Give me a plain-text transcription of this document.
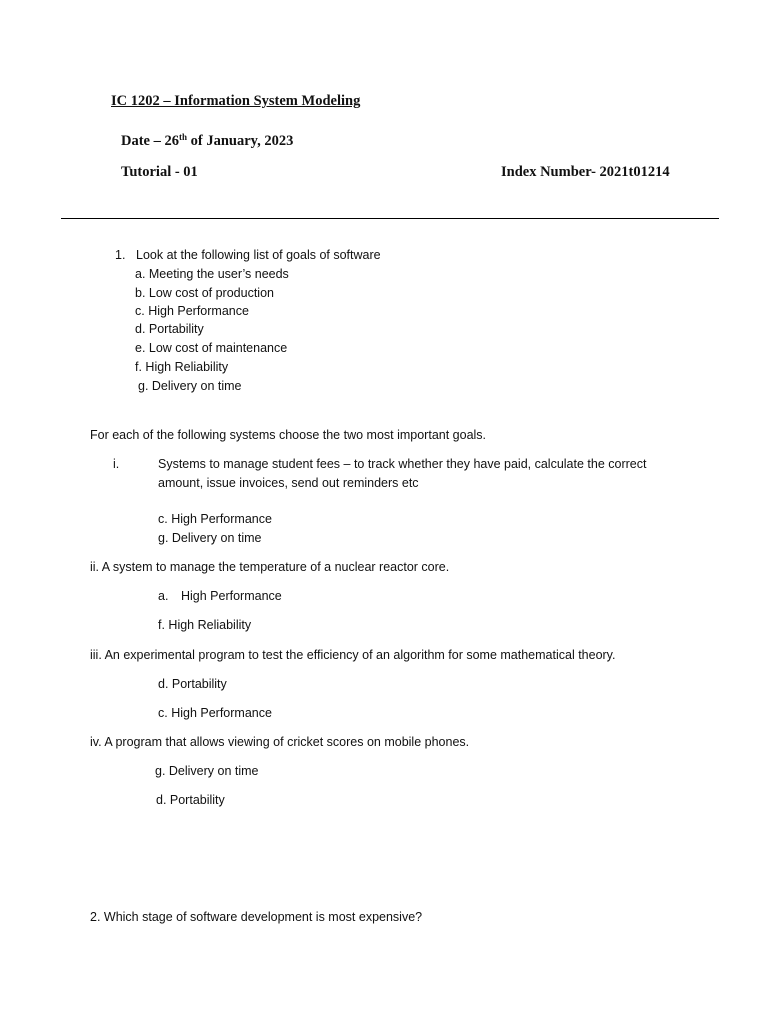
IC 1202 – Information System Modeling
Date – 26th of January, 2023
Tutorial - 01	Index Number- 2021t01214
1. Look at the following list of goals of software
a. Meeting the user’s needs
b. Low cost of production
c. High Performance
d. Portability
e. Low cost of maintenance
f. High Reliability
g. Delivery on time
For each of the following systems choose the two most important goals.
i.	Systems to manage student fees – to track whether they have paid, calculate the correct
amount, issue invoices, send out reminders etc
c. High Performance
g. Delivery on time
ii. A system to manage the temperature of a nuclear reactor core.
a. High Performance
f. High Reliability
iii. An experimental program to test the efficiency of an algorithm for some mathematical theory.
d. Portability
c. High Performance
iv. A program that allows viewing of cricket scores on mobile phones.
g. Delivery on time
d. Portability
2. Which stage of software development is most expensive?
